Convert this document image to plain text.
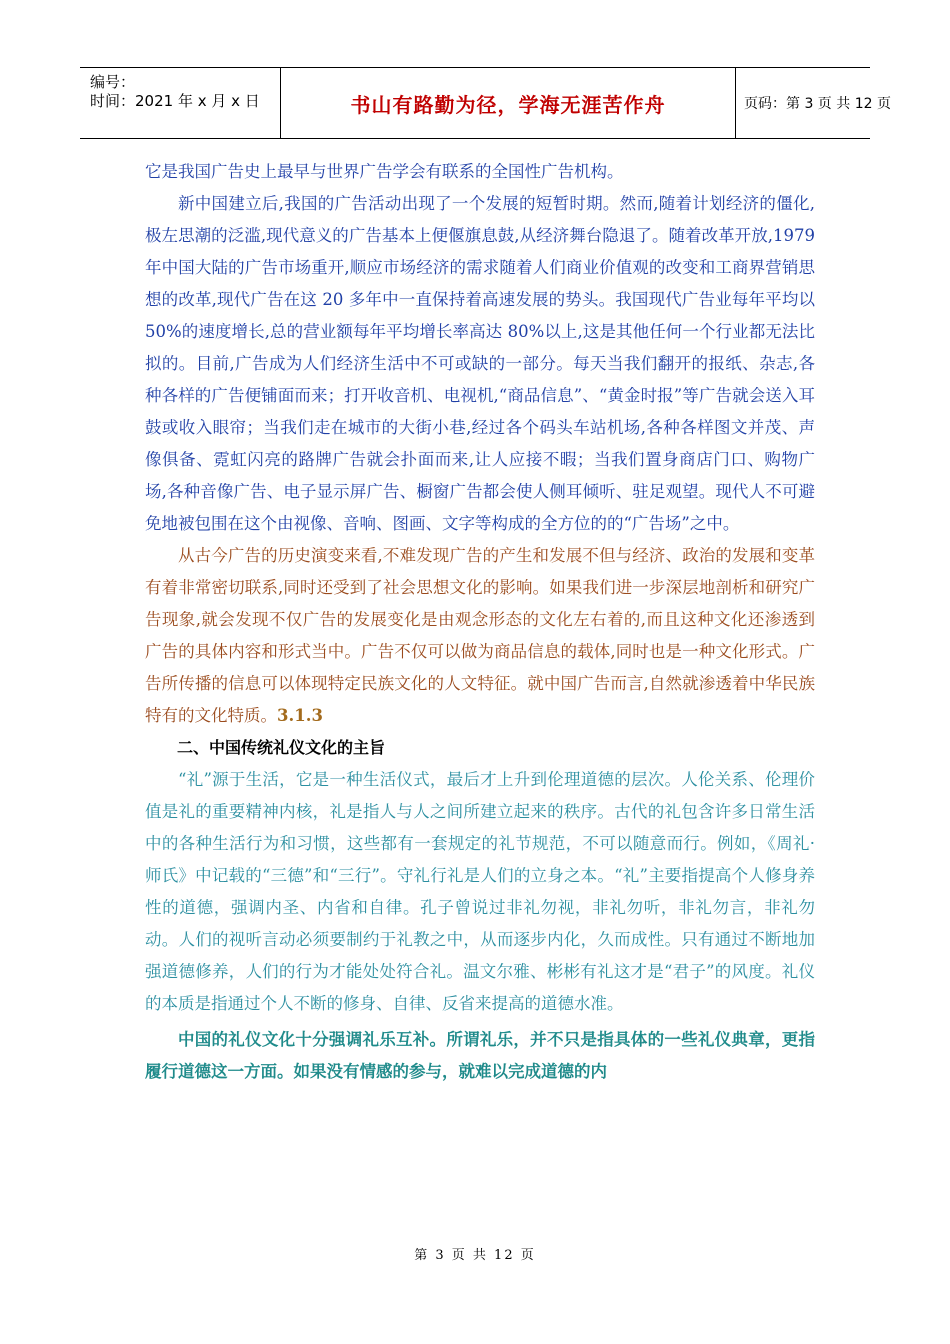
编号：
时间：2021 年 x 月 x 日	书山有路勤为径，学海无涯苦作舟	页码：第 3 页 共 12 页

它是我国广告史上最早与世界广告学会有联系的全国性广告机构。

新中国建立后,我国的广告活动出现了一个发展的短暂时期。然而,随着计划经济的僵化,极左思潮的泛滥,现代意义的广告基本上便偃旗息鼓,从经济舞台隐退了。随着改革开放,1979 年中国大陆的广告市场重开,顺应市场经济的需求随着人们商业价值观的改变和工商界营销思想的改革,现代广告在这 20 多年中一直保持着高速发展的势头。我国现代广告业每年平均以 50%的速度增长,总的营业额每年平均增长率高达 80%以上,这是其他任何一个行业都无法比拟的。目前,广告成为人们经济生活中不可或缺的一部分。每天当我们翻开的报纸、杂志,各种各样的广告便铺面而来；打开收音机、电视机,“商品信息”、“黄金时报”等广告就会送入耳鼓或收入眼帘；当我们走在城市的大街小巷,经过各个码头车站机场,各种各样图文并茂、声像俱备、霓虹闪亮的路牌广告就会扑面而来,让人应接不暇；当我们置身商店门口、购物广场,各种音像广告、电子显示屏广告、橱窗广告都会使人侧耳倾听、驻足观望。现代人不可避免地被包围在这个由视像、音响、图画、文字等构成的全方位的的“广告场”之中。

从古今广告的历史演变来看,不难发现广告的产生和发展不但与经济、政治的发展和变革有着非常密切联系,同时还受到了社会思想文化的影响。如果我们进一步深层地剖析和研究广告现象,就会发现不仅广告的发展变化是由观念形态的文化左右着的,而且这种文化还渗透到广告的具体内容和形式当中。广告不仅可以做为商品信息的载体,同时也是一种文化形式。广告所传播的信息可以体现特定民族文化的人文特征。就中国广告而言,自然就渗透着中华民族特有的文化特质。3.1.3

二、中国传统礼仪文化的主旨

“礼”源于生活，它是一种生活仪式，最后才上升到伦理道德的层次。人伦关系、伦理价值是礼的重要精神内核，礼是指人与人之间所建立起来的秩序。古代的礼包含许多日常生活中的各种生活行为和习惯，这些都有一套规定的礼节规范，不可以随意而行。例如，《周礼·师氏》中记载的“三德”和“三行”。守礼行礼是人们的立身之本。“礼”主要指提高个人修身养性的道德，强调内圣、内省和自律。孔子曾说过非礼勿视，非礼勿听，非礼勿言，非礼勿动。人们的视听言动必须要制约于礼教之中，从而逐步内化，久而成性。只有通过不断地加强道德修养，人们的行为才能处处符合礼。温文尔雅、彬彬有礼这才是“君子”的风度。礼仪的本质是指通过个人不断的修身、自律、反省来提高的道德水准。

中国的礼仪文化十分强调礼乐互补。所谓礼乐，并不只是指具体的一些礼仪典章，更指履行道德这一方面。如果没有情感的参与，就难以完成道德的内

第 3 页 共 12 页
